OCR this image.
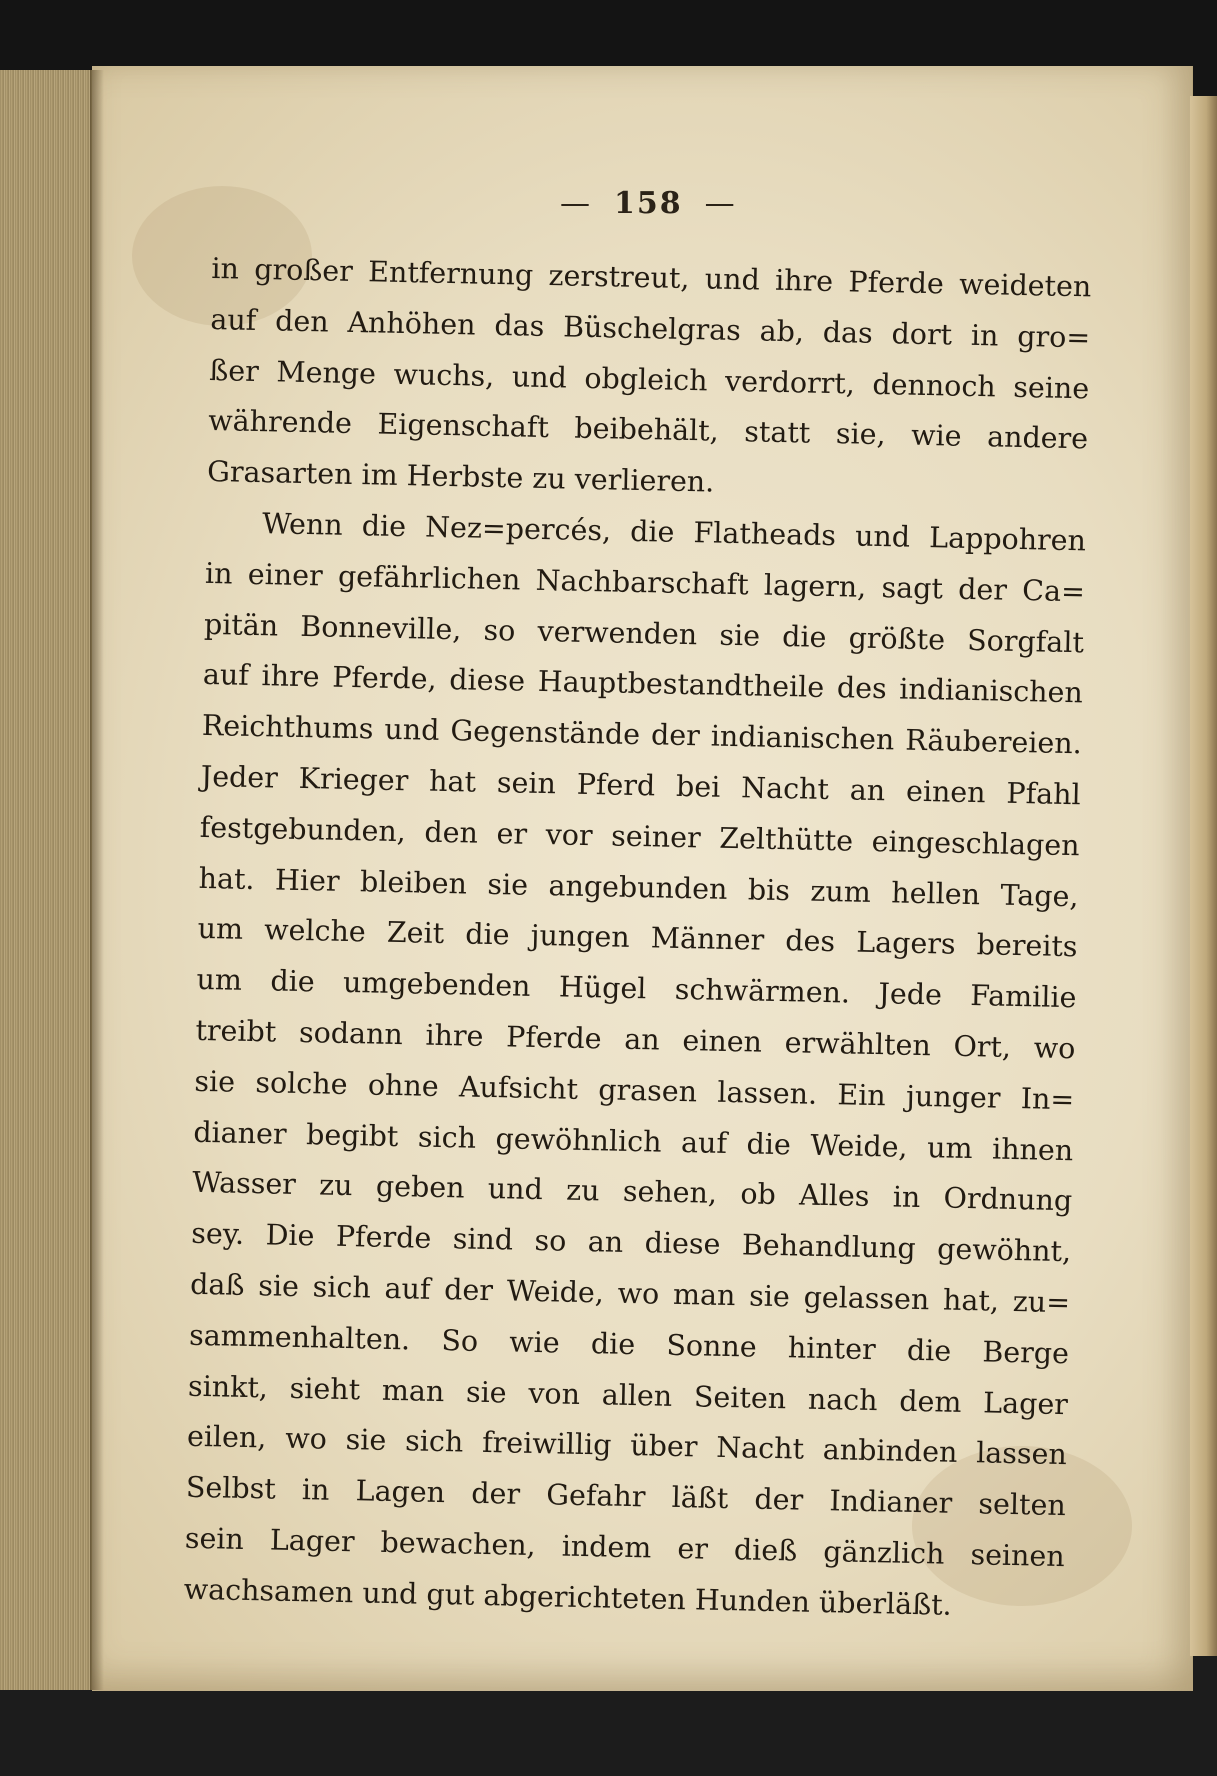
— 158 —
in großer Entfernung zerstreut, und ihre Pferde weideten
auf den Anhöhen das Büschelgras ab, das dort in gro=
ßer Menge wuchs, und obgleich verdorrt, dennoch seine
währende Eigenschaft beibehält, statt sie, wie andere
Grasarten im Herbste zu verlieren.
Wenn die Nez=percés, die Flatheads und Lappohren
in einer gefährlichen Nachbarschaft lagern, sagt der Ca=
pitän Bonneville, so verwenden sie die größte Sorgfalt
auf ihre Pferde, diese Hauptbestandtheile des indianischen
Reichthums und Gegenstände der indianischen Räubereien.
Jeder Krieger hat sein Pferd bei Nacht an einen Pfahl
festgebunden, den er vor seiner Zelthütte eingeschlagen
hat. Hier bleiben sie angebunden bis zum hellen Tage,
um welche Zeit die jungen Männer des Lagers bereits
um die umgebenden Hügel schwärmen. Jede Familie
treibt sodann ihre Pferde an einen erwählten Ort, wo
sie solche ohne Aufsicht grasen lassen. Ein junger In=
dianer begibt sich gewöhnlich auf die Weide, um ihnen
Wasser zu geben und zu sehen, ob Alles in Ordnung
sey. Die Pferde sind so an diese Behandlung gewöhnt,
daß sie sich auf der Weide, wo man sie gelassen hat, zu=
sammenhalten. So wie die Sonne hinter die Berge
sinkt, sieht man sie von allen Seiten nach dem Lager
eilen, wo sie sich freiwillig über Nacht anbinden lassen
Selbst in Lagen der Gefahr läßt der Indianer selten
sein Lager bewachen, indem er dieß gänzlich seinen
wachsamen und gut abgerichteten Hunden überläßt.
